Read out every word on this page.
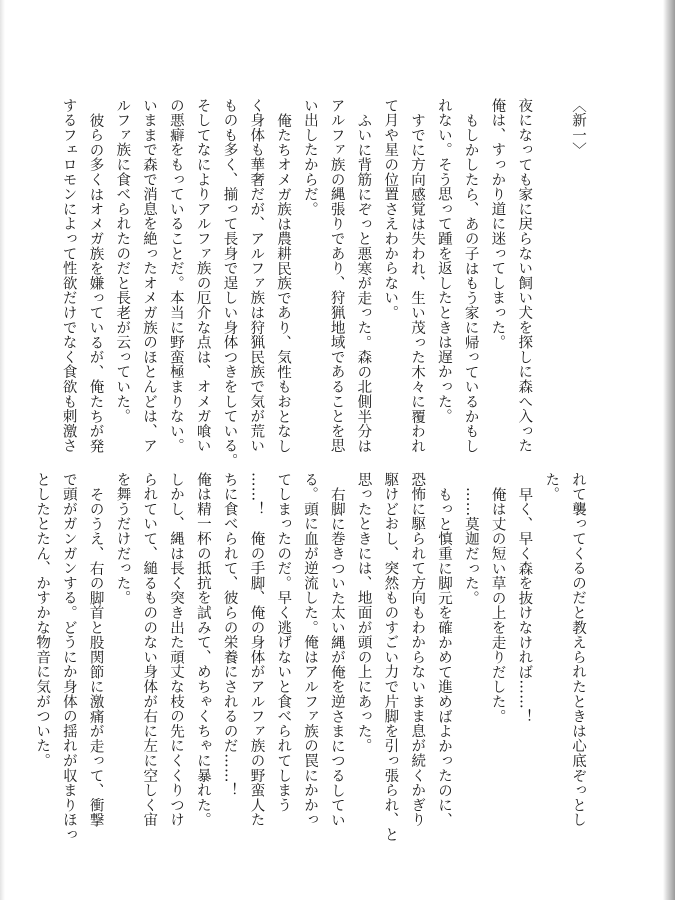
〈新一〉
夜になっても家に戻らない飼い犬を探しに森へ入った
俺は、すっかり道に迷ってしまった。
もしかしたら、あの子はもう家に帰っているかもし
れない。そう思って踵を返したときは遅かった。
すでに方向感覚は失われ、生い茂った木々に覆われ
て月や星の位置さえわからない。
ふいに背筋にぞっと悪寒が走った。森の北側半分は
アルファ族の縄張りであり、狩猟地域であることを思
い出したからだ。
俺たちオメガ族は農耕民族であり、気性もおとなし
く身体も華奢だが、アルファ族は狩猟民族で気が荒い
ものも多く、揃って長身で逞しい身体つきをしている。
そしてなによりアルファ族の厄介な点は、オメガ喰い
の悪癖をもっていることだ。本当に野蛮極まりない。
いままで森で消息を絶ったオメガ族のほとんどは、ア
ルファ族に食べられたのだと長老が云っていた。
彼らの多くはオメガ族を嫌っているが、俺たちが発
するフェロモンによって性欲だけでなく食欲も刺激さ
れて襲ってくるのだと教えられたときは心底ぞっとし
た。
早く、早く森を抜けなければ……！
俺は丈の短い草の上を走りだした。
……莫迦だった。
もっと慎重に脚元を確かめて進めばよかったのに、
恐怖に駆られて方向もわからないまま息が続くかぎり
駆けどおし、突然ものすごい力で片脚を引っ張られ、と
思ったときには、地面が頭の上にあった。
右脚に巻きついた太い縄が俺を逆さまにつるしてい
る。頭に血が逆流した。俺はアルファ族の罠にかかっ
てしまったのだ。早く逃げないと食べられてしまう
……！　俺の手脚、俺の身体がアルファ族の野蛮人た
ちに食べられて、彼らの栄養にされるのだ……！
俺は精一杯の抵抗を試みて、めちゃくちゃに暴れた。
しかし、縄は長く突き出た頑丈な枝の先にくくりつけ
られていて、縋るもののない身体が右に左に空しく宙
を舞うだけだった。
そのうえ、右の脚首と股関節に激痛が走って、衝撃
で頭がガンガンする。どうにか身体の揺れが収まりほっ
としたとたん、かすかな物音に気がついた。
